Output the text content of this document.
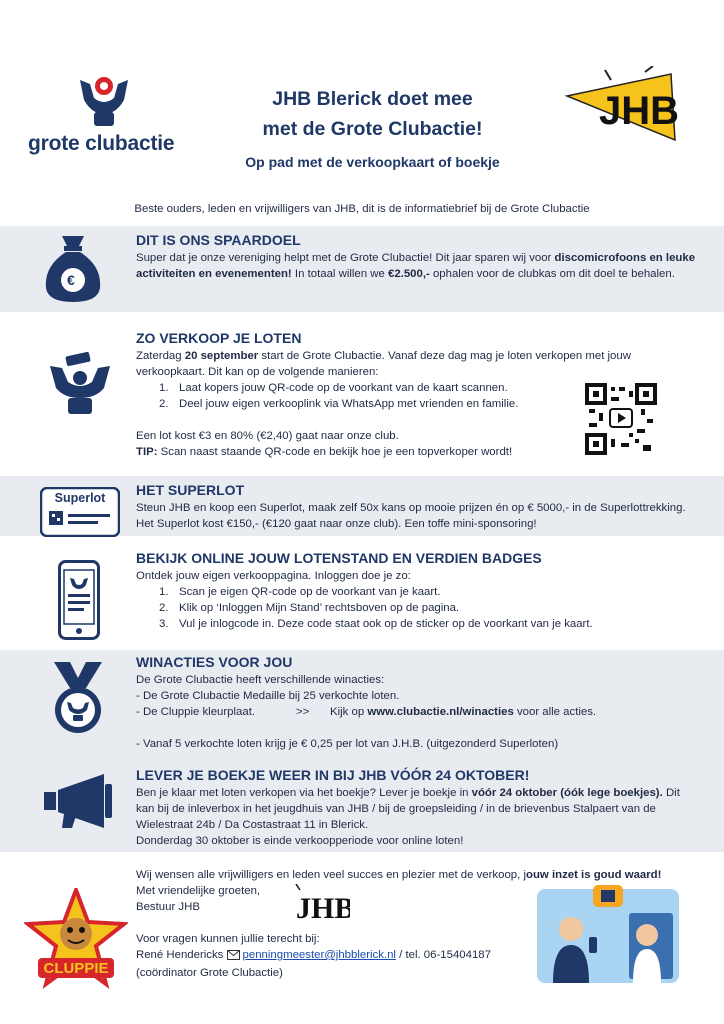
grote clubactie
JHB Blerick doet mee
met de Grote Clubactie!
Op pad met de verkoopkaart of boekje
JHB
Beste ouders, leden en vrijwilligers van JHB, dit is de informatiebrief bij de Grote Clubactie
€
DIT IS ONS SPAARDOEL

Super dat je onze vereniging helpt met de Grote Clubactie! Dit jaar sparen wij voor discomicrofoons en leuke activiteiten en evenementen! In totaal willen we €2.500,- ophalen voor de clubkas om dit doel te behalen.

ZO VERKOOP JE LOTEN

Zaterdag 20 september start de Grote Clubactie. Vanaf deze dag mag je loten verkopen met jouw verkoopkaart. Dit kan op de volgende manieren:

1. Laat kopers jouw QR-code op de voorkant van de kaart scannen.
2. Deel jouw eigen verkooplink via WhatsApp met vrienden en familie.

Een lot kost €3 en 80% (€2,40) gaat naar onze club.

TIP: Scan naast staande QR-code en bekijk hoe je een topverkoper wordt!

Superlot	HET SUPERLOT

Steun JHB en koop een Superlot, maak zelf 50x kans op mooie prijzen én op € 5000,- in de Superlottrekking. Het Superlot kost €150,- (€120 gaat naar onze club). Een toffe mini-sponsoring!

BEKIJK ONLINE JOUW LOTENSTAND EN VERDIEN BADGES

Ontdek jouw eigen verkooppagina. Inloggen doe je zo:

1. Scan je eigen QR-code op de voorkant van je kaart.
2. Klik op ‘Inloggen Mijn Stand’ rechtsboven op de pagina.
3. Vul je inlogcode in. Deze code staat ook op de sticker op de voorkant van je kaart.
WINACTIES VOOR JOU

De Grote Clubactie heeft verschillende winacties:

- De Grote Clubactie Medaille bij 25 verkochte loten.

- De Cluppie kleurplaat.	>> Kijk op www.clubactie.nl/winacties voor alle acties.

- Vanaf 5 verkochte loten krijg je € 0,25 per lot van J.H.B. (uitgezonderd Superloten)

LEVER JE BOEKJE WEER IN BIJ JHB VÓÓR 24 OKTOBER!

Ben je klaar met loten verkopen via het boekje? Lever je boekje in vóór 24 oktober (óók lege boekjes). Dit kan bij de inleverbox in het jeugdhuis van JHB / bij de groepsleiding / in de brievenbus Stalpaert van de Wielestraat 24b / Da Costastraat 11 in Blerick.

Donderdag 30 oktober is einde verkoopperiode voor online loten!

Wij wensen alle vrijwilligers en leden veel succes en plezier met de verkoop, jouw inzet is goud waard!

Met vriendelijke groeten,

Bestuur JHB

Voor vragen kunnen jullie terecht bij:

René Hendericks penningmeester@jhbblerick.nl / tel. 06-15404187

(coördinator Grote Clubactie)

JHB
CLUPPIE
